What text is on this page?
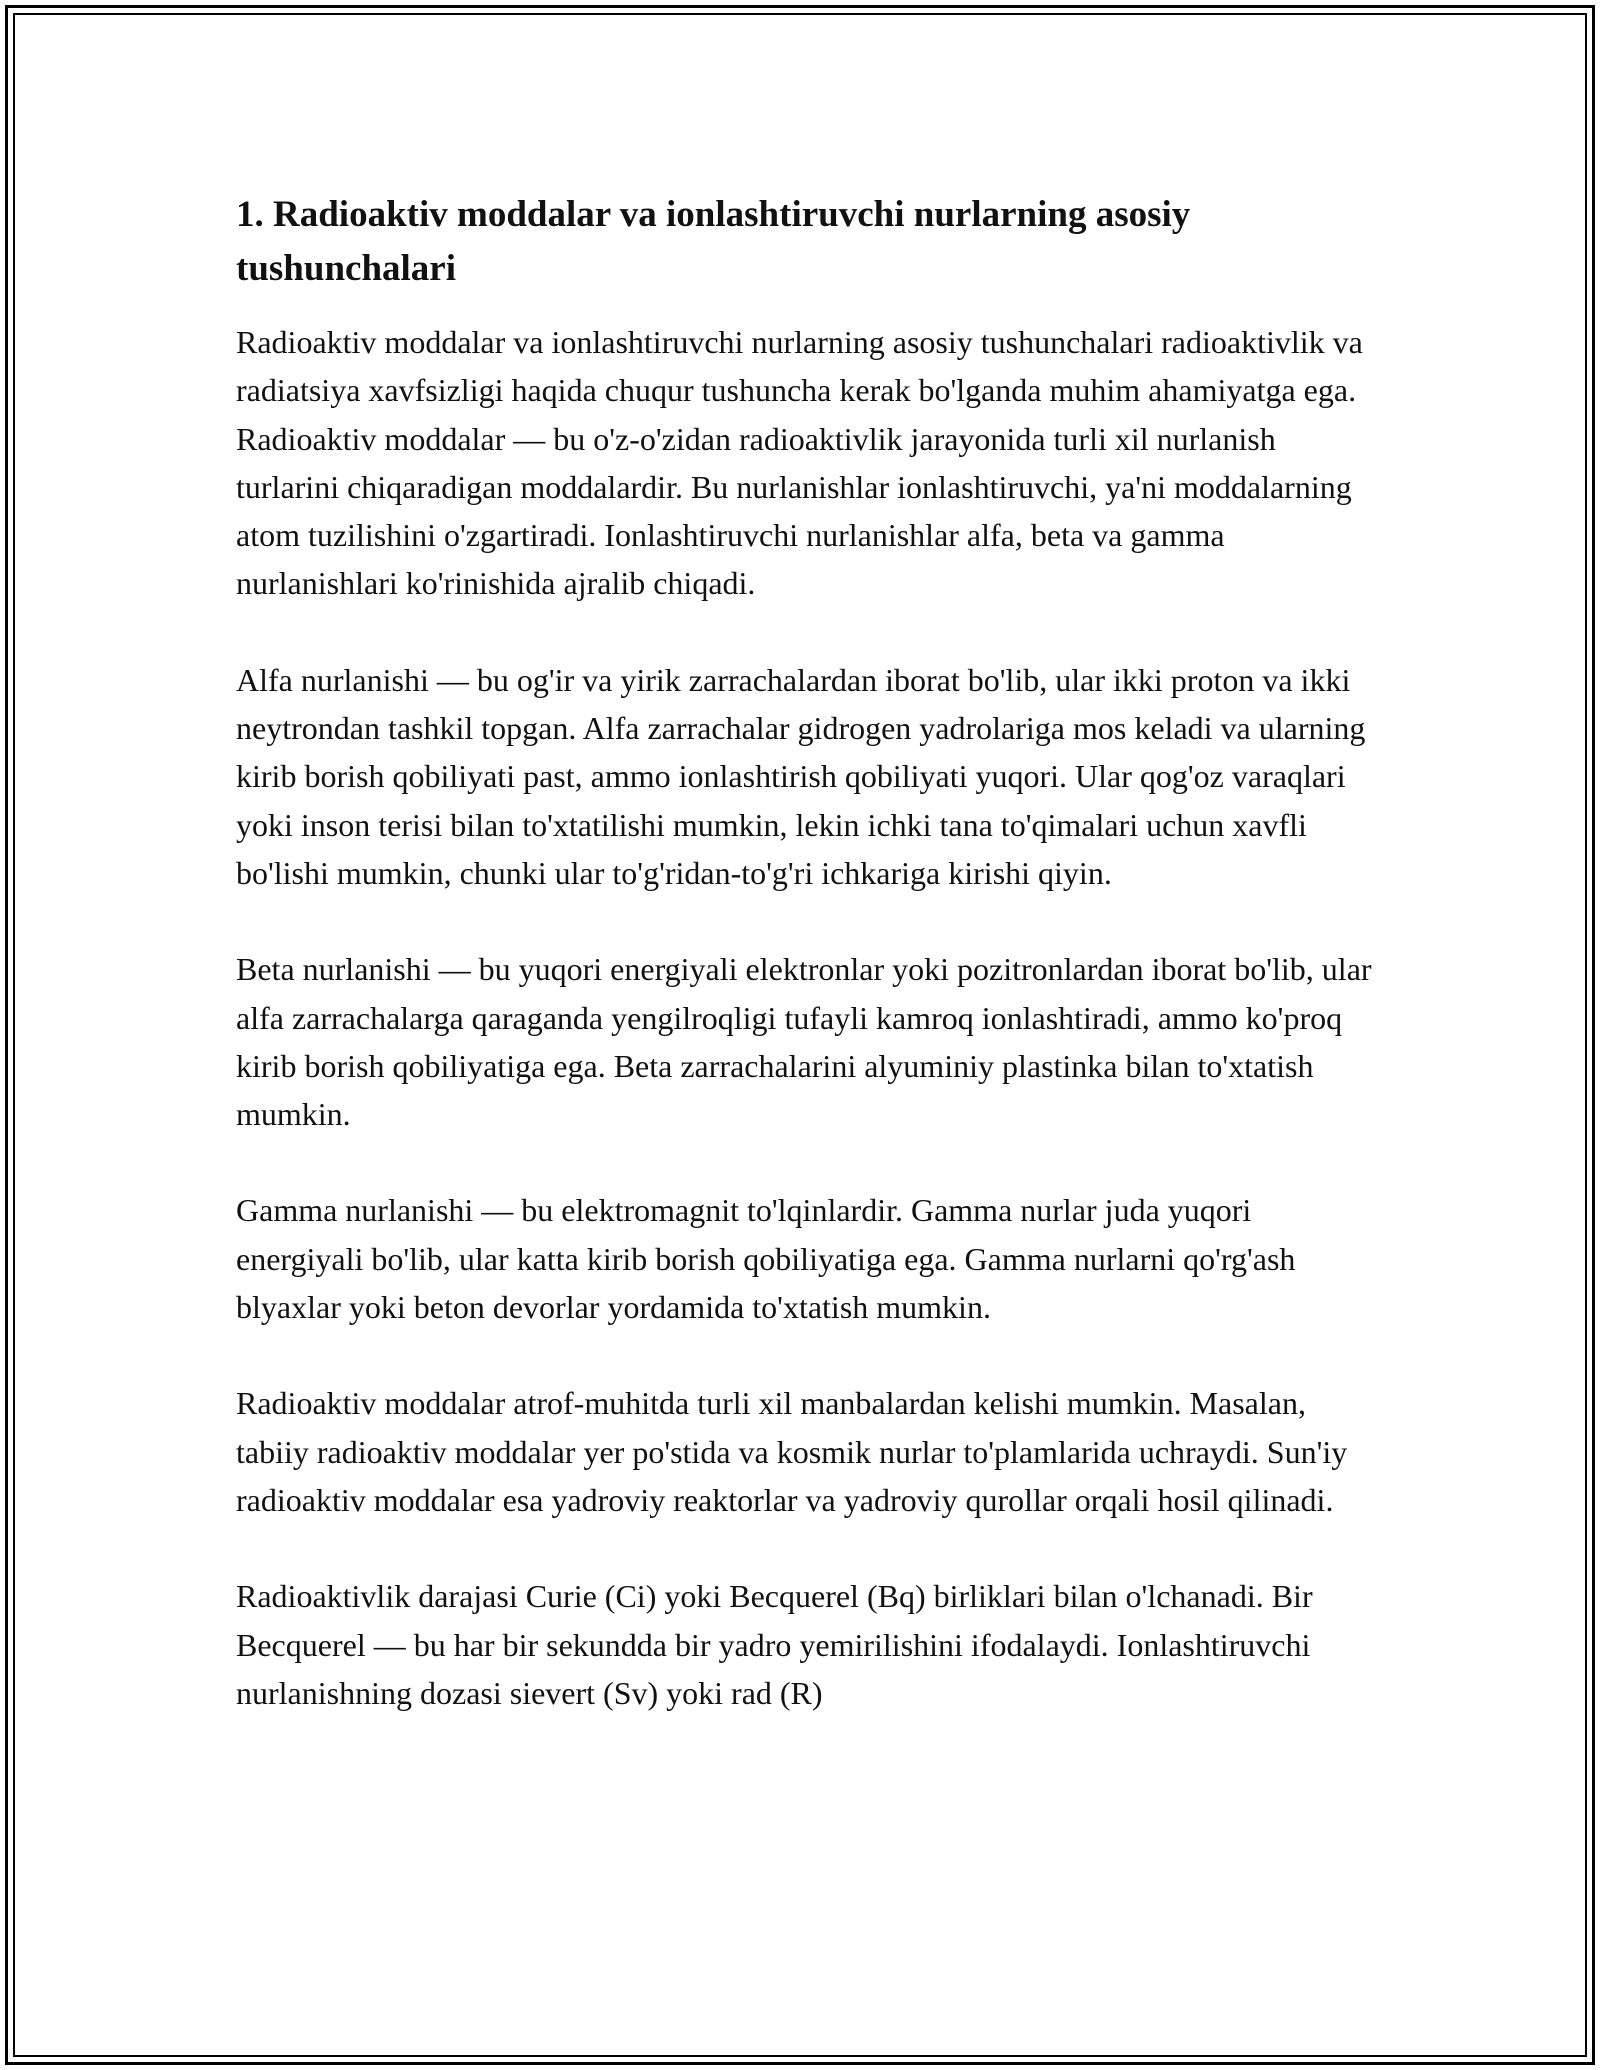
1. Radioaktiv moddalar va ionlashtiruvchi nurlarning asosiy tushunchalari

Radioaktiv moddalar va ionlashtiruvchi nurlarning asosiy tushunchalari radioaktivlik va radiatsiya xavfsizligi haqida chuqur tushuncha kerak bo'lganda muhim ahamiyatga ega. Radioaktiv moddalar — bu o'z-o'zidan radioaktivlik jarayonida turli xil nurlanish turlarini chiqaradigan moddalardir. Bu nurlanishlar ionlashtiruvchi, ya'ni moddalarning atom tuzilishini o'zgartiradi. Ionlashtiruvchi nurlanishlar alfa, beta va gamma nurlanishlari ko'rinishida ajralib chiqadi.

Alfa nurlanishi — bu og'ir va yirik zarrachalardan iborat bo'lib, ular ikki proton va ikki neytrondan tashkil topgan. Alfa zarrachalar gidrogen yadrolariga mos keladi va ularning kirib borish qobiliyati past, ammo ionlashtirish qobiliyati yuqori. Ular qog'oz varaqlari yoki inson terisi bilan to'xtatilishi mumkin, lekin ichki tana to'qimalari uchun xavfli bo'lishi mumkin, chunki ular to'g'ridan-to'g'ri ichkariga kirishi qiyin.

Beta nurlanishi — bu yuqori energiyali elektronlar yoki pozitronlardan iborat bo'lib, ular alfa zarrachalarga qaraganda yengilroqligi tufayli kamroq ionlashtiradi, ammo ko'proq kirib borish qobiliyatiga ega. Beta zarrachalarini alyuminiy plastinka bilan to'xtatish mumkin.

Gamma nurlanishi — bu elektromagnit to'lqinlardir. Gamma nurlar juda yuqori energiyali bo'lib, ular katta kirib borish qobiliyatiga ega. Gamma nurlarni qo'rg'ash blyaxlar yoki beton devorlar yordamida to'xtatish mumkin.

Radioaktiv moddalar atrof-muhitda turli xil manbalardan kelishi mumkin. Masalan, tabiiy radioaktiv moddalar yer po'stida va kosmik nurlar to'plamlarida uchraydi. Sun'iy radioaktiv moddalar esa yadroviy reaktorlar va yadroviy qurollar orqali hosil qilinadi.

Radioaktivlik darajasi Curie (Ci) yoki Becquerel (Bq) birliklari bilan o'lchanadi. Bir Becquerel — bu har bir sekundda bir yadro yemirilishini ifodalaydi. Ionlashtiruvchi nurlanishning dozasi sievert (Sv) yoki rad (R)
